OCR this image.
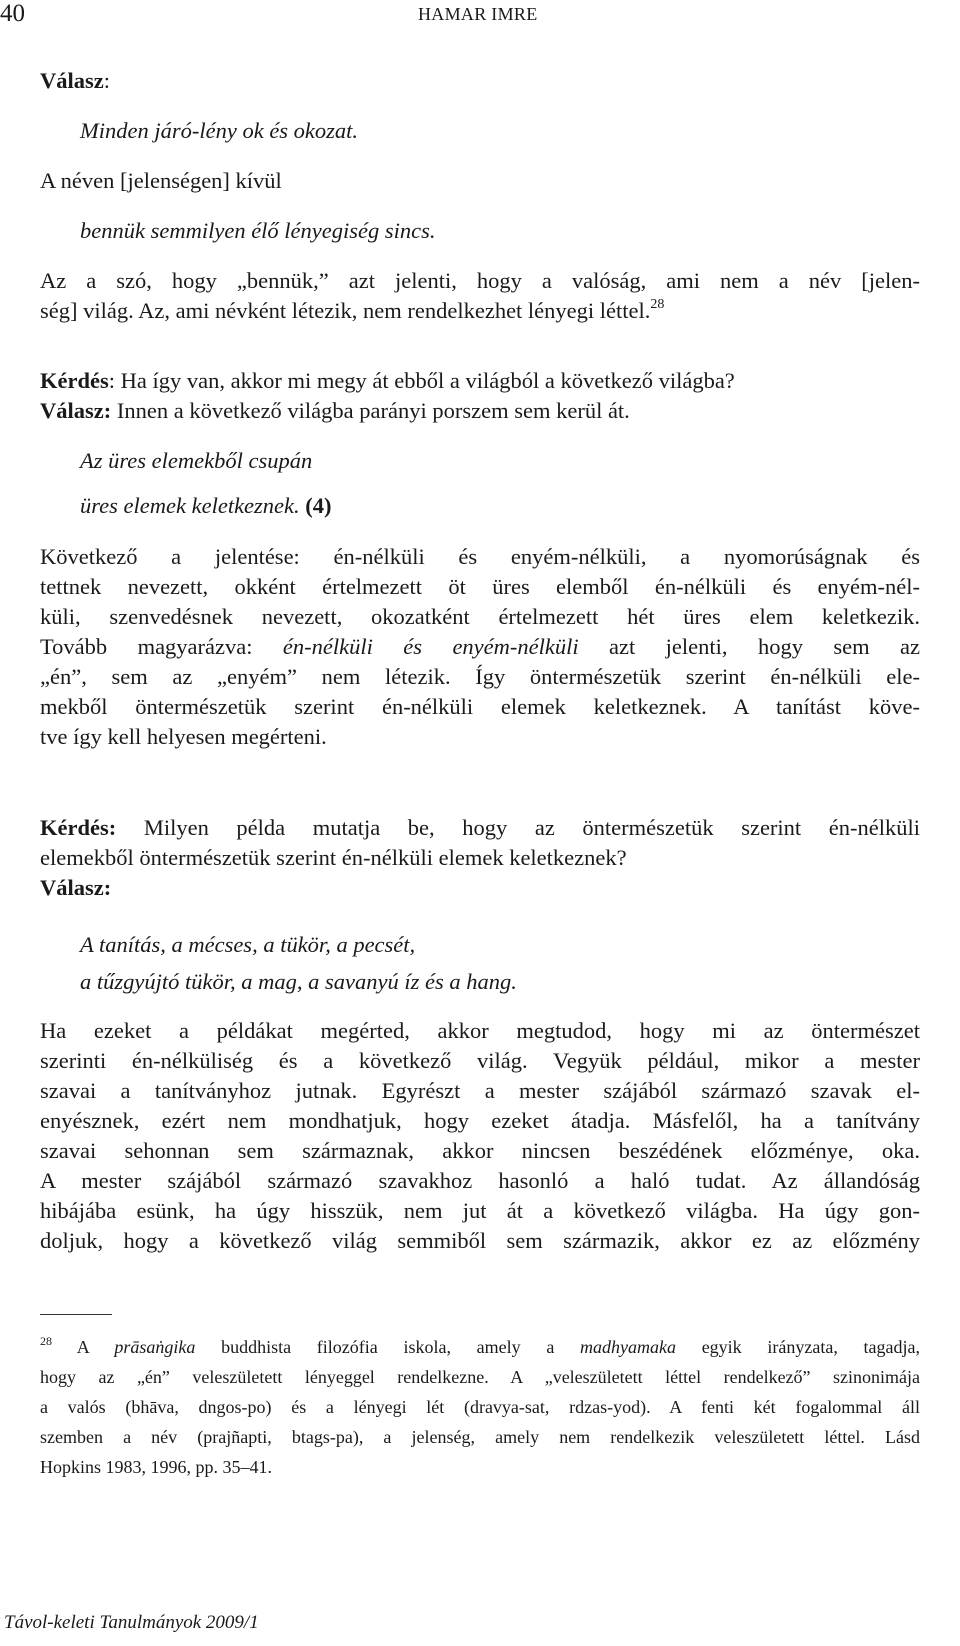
40	HAMAR IMRE
Válasz:
Minden járó-lény ok és okozat.
A néven [jelenségen] kívül
bennük semmilyen élő lényegiség sincs.

Az a szó, hogy „bennük,” azt jelenti, hogy a valóság, ami nem a név [jelen-

ség] világ. Az, ami névként létezik, nem rendelkezhet lényegi léttel.$^{28}$

Kérdés: Ha így van, akkor mi megy át ebből a világból a következő világba?

Válasz: Innen a következő világba parányi porszem sem kerül át.

Az üres elemekből csupán
üres elemek keletkeznek. (4)

Következő a jelentése: én-nélküli és enyém-nélküli, a nyomorúságnak és

tettnek nevezett, okként értelmezett öt üres elemből én-nélküli és enyém-nél-

küli, szenvedésnek nevezett, okozatként értelmezett hét üres elem keletkezik.

Tovább magyarázva: én-nélküli és enyém-nélküli azt jelenti, hogy sem az

„én”, sem az „enyém” nem létezik. Így öntermészetük szerint én-nélküli ele-

mekből öntermészetük szerint én-nélküli elemek keletkeznek. A tanítást köve-

tve így kell helyesen megérteni.

Kérdés: Milyen példa mutatja be, hogy az öntermészetük szerint én-nélküli

elemekből öntermészetük szerint én-nélküli elemek keletkeznek?

Válasz:

A tanítás, a mécses, a tükör, a pecsét,
a tűzgyújtó tükör, a mag, a savanyú íz és a hang.

Ha ezeket a példákat megérted, akkor megtudod, hogy mi az öntermészet

szerinti én-nélküliség és a következő világ. Vegyük például, mikor a mester

szavai a tanítványhoz jutnak. Egyrészt a mester szájából származó szavak el-

enyésznek, ezért nem mondhatjuk, hogy ezeket átadja. Másfelől, ha a tanítvány

szavai sehonnan sem származnak, akkor nincsen beszédének előzménye, oka.

A mester szájából származó szavakhoz hasonló a haló tudat. Az állandóság

hibájába esünk, ha úgy hisszük, nem jut át a következő világba. Ha úgy gon-

doljuk, hogy a következő világ semmiből sem származik, akkor ez az előzmény

$^{28}$ A prāsaṅgika buddhista filozófia iskola, amely a madhyamaka egyik irányzata, tagadja,
hogy az „én” veleszületett lényeggel rendelkezne. A „veleszületett léttel rendelkező” szinonimája
a valós (bhāva, dngos-po) és a lényegi lét (dravya-sat, rdzas-yod). A fenti két fogalommal áll
szemben a név (prajñapti, btags-pa), a jelenség, amely nem rendelkezik veleszületett léttel. Lásd
Hopkins 1983, 1996, pp. 35–41.
Távol-keleti Tanulmányok 2009/1
